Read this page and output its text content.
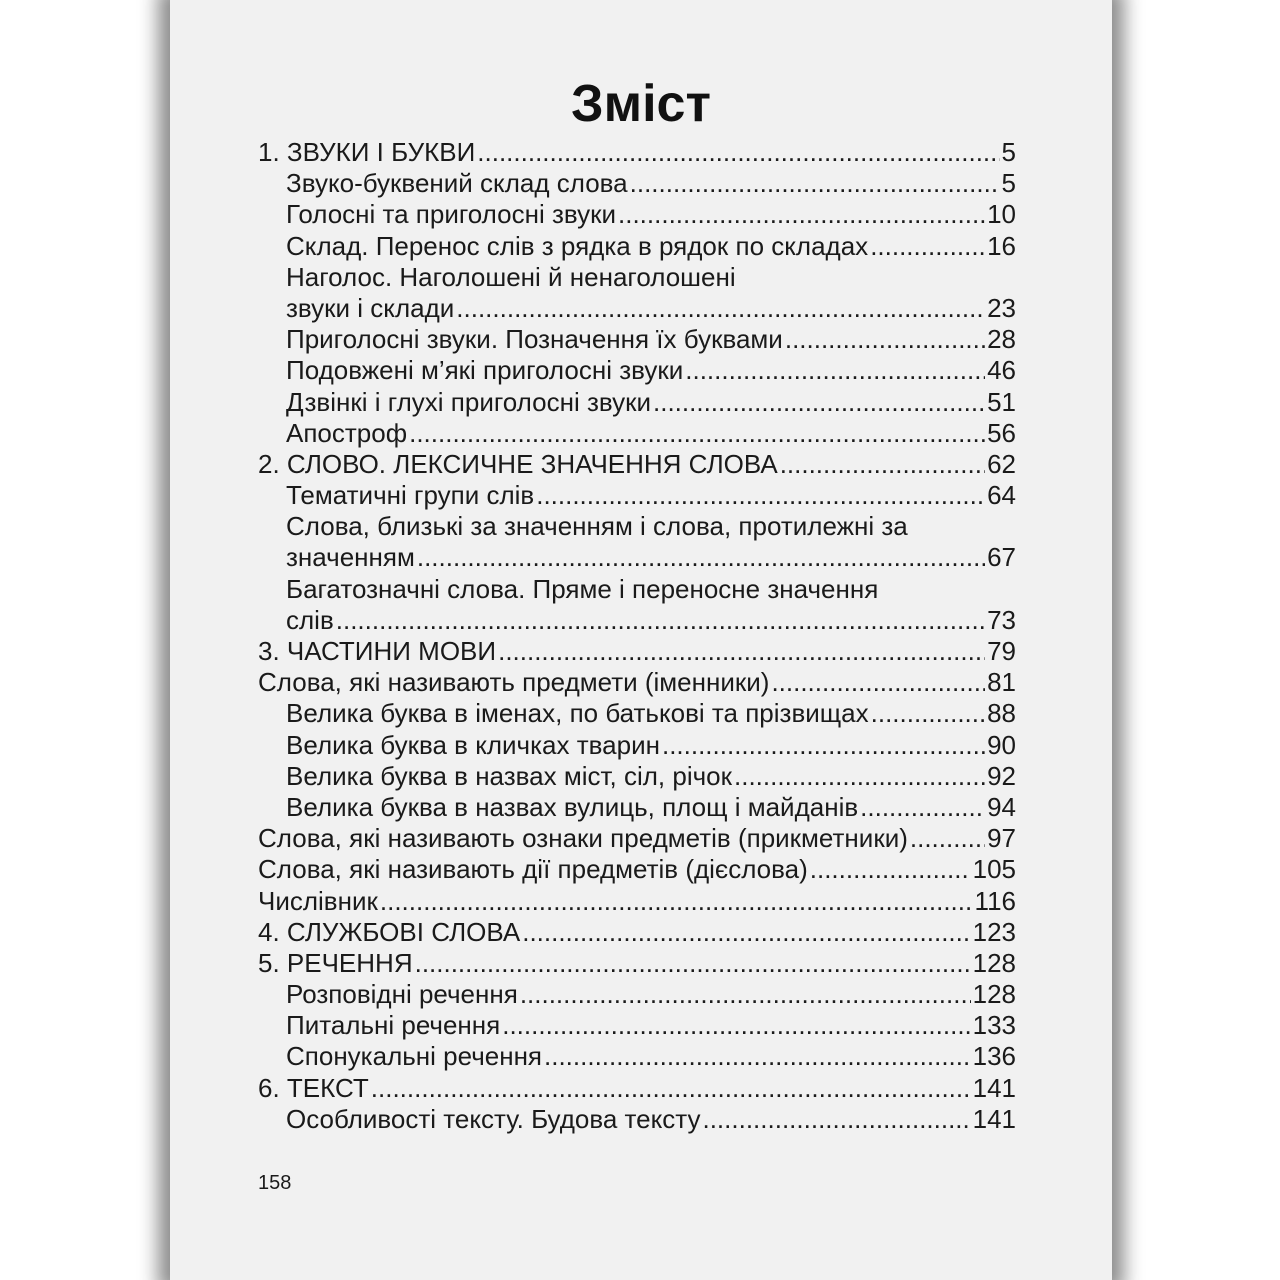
Зміст
1. ЗВУКИ І БУКВИ .....	5
Звуко-буквений склад слова .....	5
Голосні та приголосні звуки .....	10
Склад. Перенос слів з рядка в рядок по складах .....	16
Наголос. Наголошені й ненаголошені
звуки і склади .....	23
Приголосні звуки. Позначення їх буквами .....	28
Подовжені м’які приголосні звуки .....	46
Дзвінкі і глухі приголосні звуки .....	51
Апостроф .....	56
2. СЛОВО. ЛЕКСИЧНЕ ЗНАЧЕННЯ СЛОВА .....	62
Тематичні групи слів .....	64
Слова, близькі за значенням і слова, протилежні за
значенням .....	67
Багатозначні слова. Пряме і переносне значення
слів .....	73
3. ЧАСТИНИ МОВИ .....	79
Слова, які називають предмети (іменники) .....	81
Велика буква в іменах, по батькові та прізвищах .....	88
Велика буква в кличках тварин .....	90
Велика буква в назвах міст, сіл, річок .....	92
Велика буква в назвах вулиць, площ і майданів .....	94
Слова, які називають ознаки предметів (прикметники) .....	97
Слова, які називають дії предметів (дієслова) .....	105
Числівник .....	116
4. СЛУЖБОВІ СЛОВА .....	123
5. РЕЧЕННЯ .....	128
Розповідні речення .....	128
Питальні речення .....	133
Спонукальні речення .....	136
6. ТЕКСТ .....	141
Особливості тексту. Будова тексту .....	141
158
